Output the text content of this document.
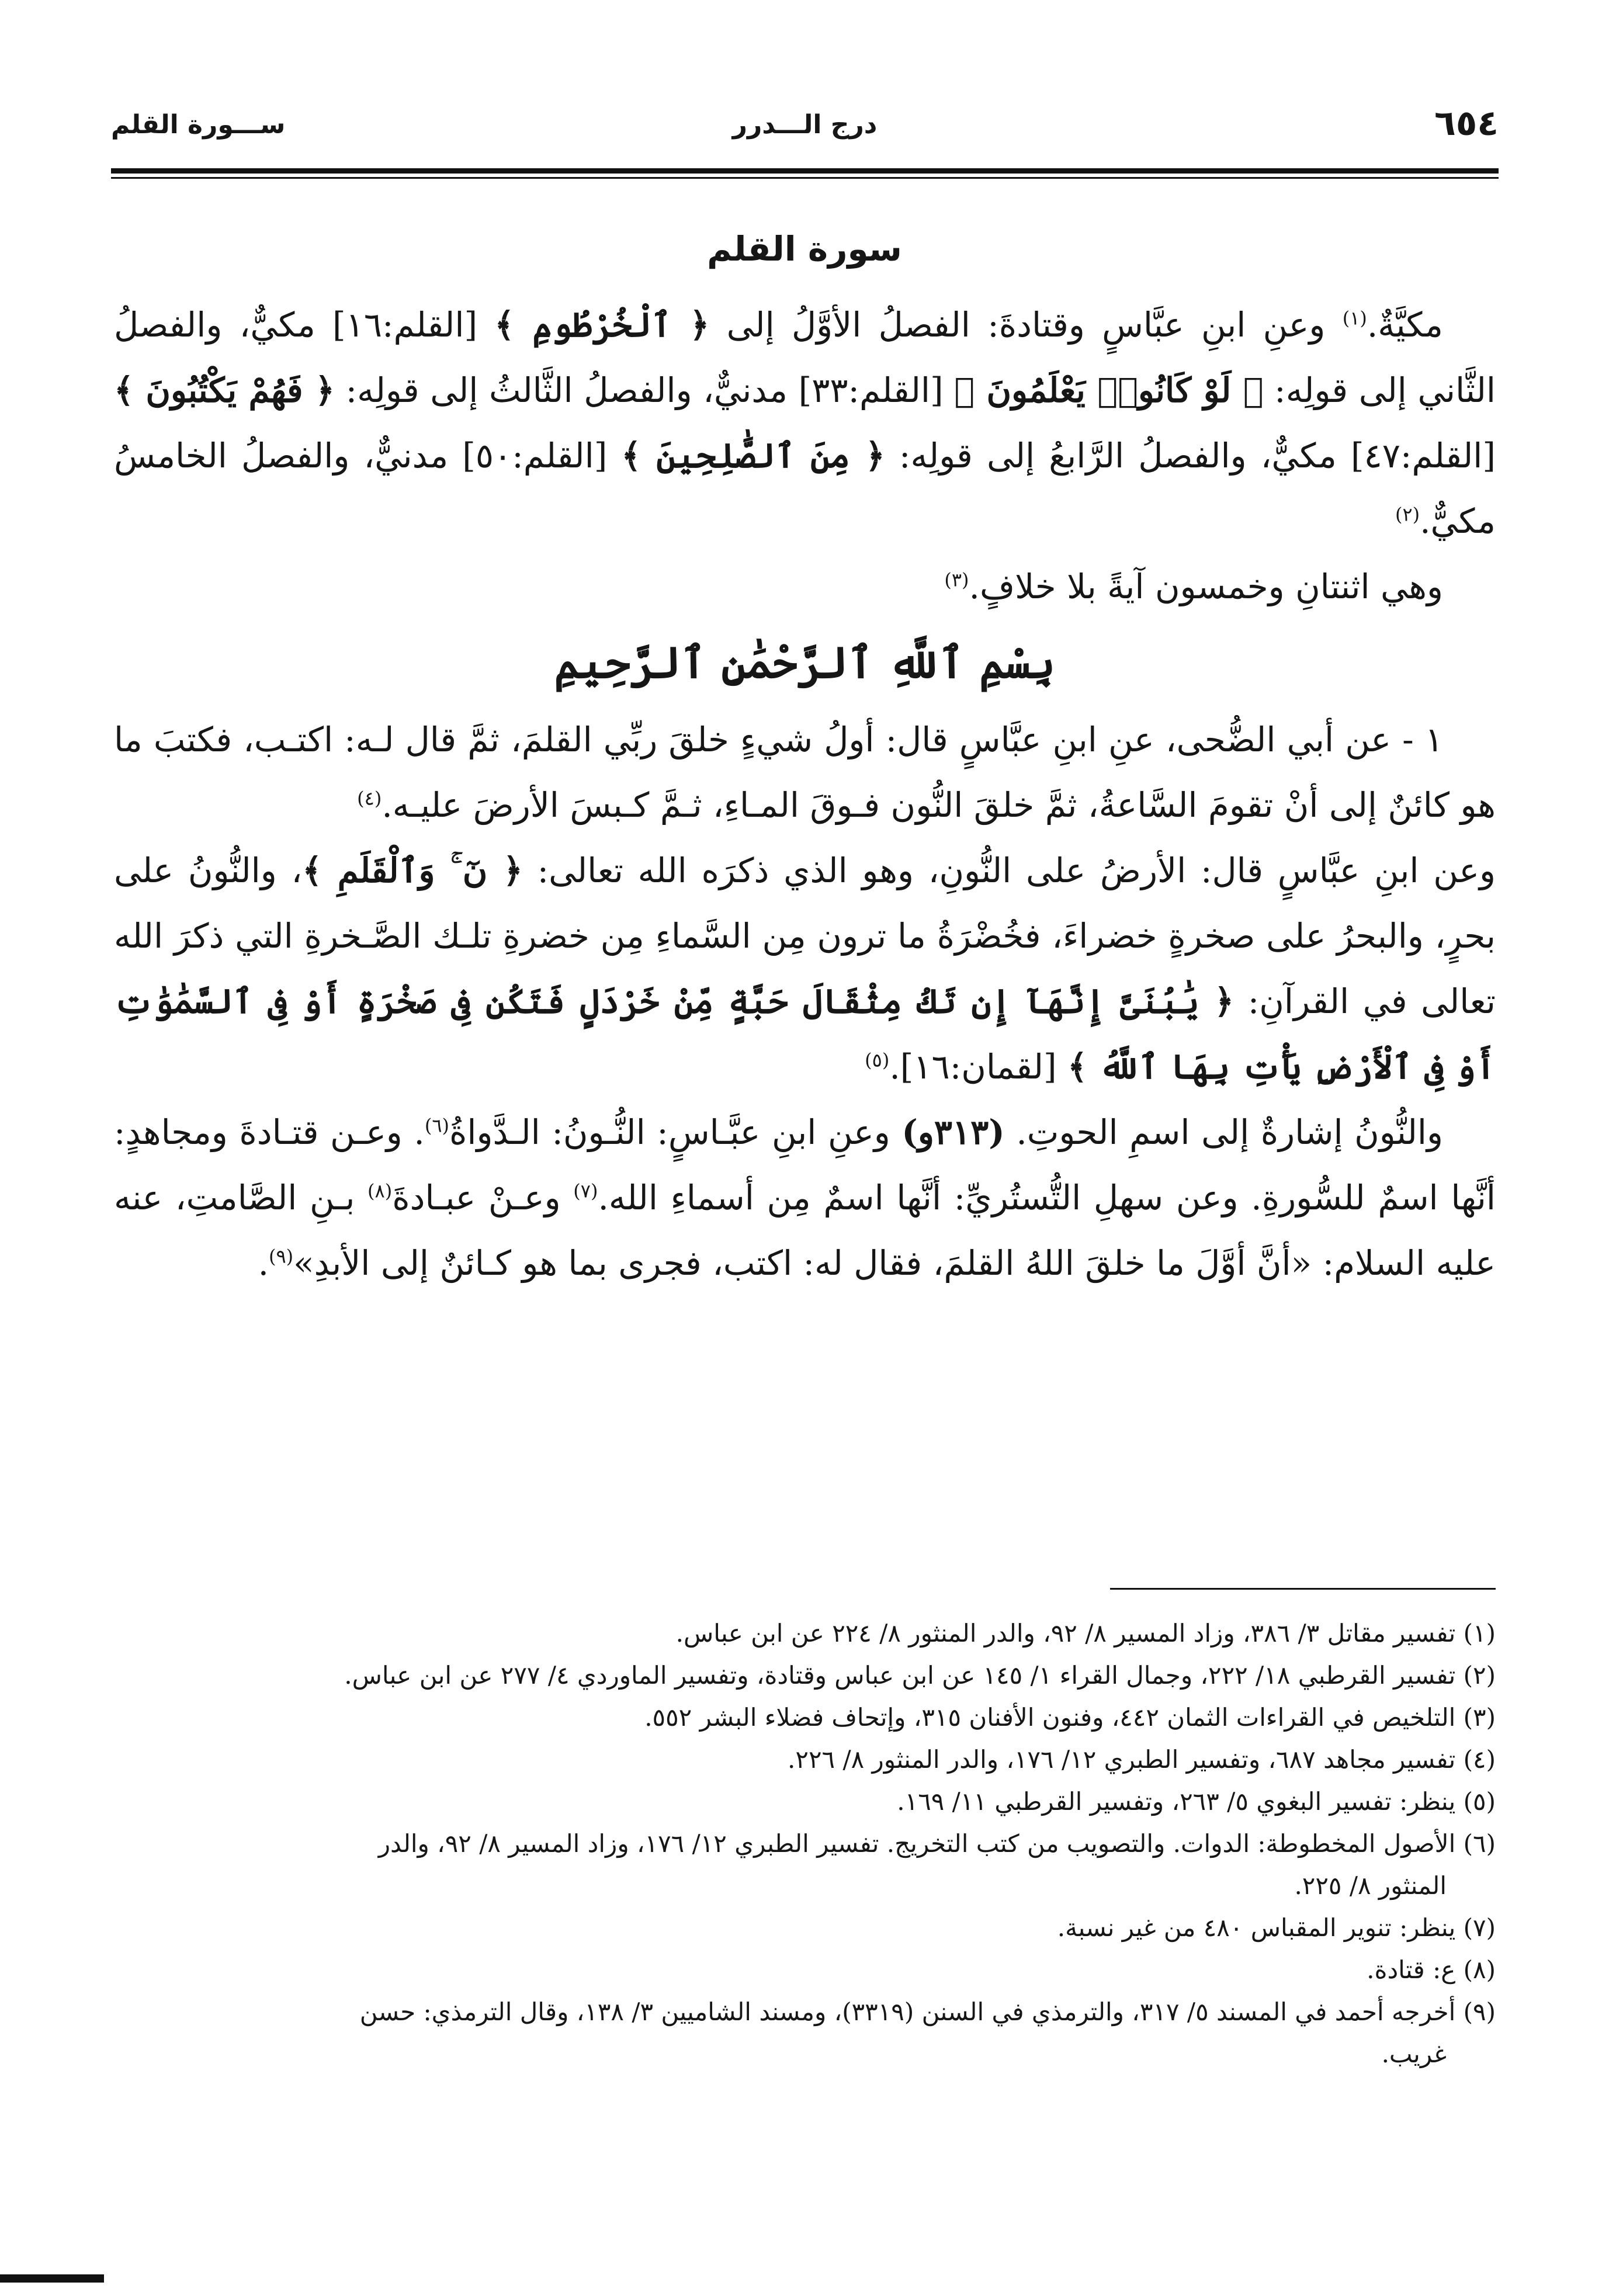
٦٥٤
درج الـــدرر
ســـورة القلم
سورة القلم

مكيَّةٌ.$^{(١)}$ وعنِ ابنِ عبَّاسٍ وقتادةَ: الفصلُ الأوَّلُ إلى ﴿ ٱلْخُرْطُومِ ﴾ [القلم:١٦] مكيٌّ، والفصلُ الثَّاني إلى قولِه: ﴿ لَوْ كَانُوا۟ يَعْلَمُونَ ﴾ [القلم:٣٣] مدنيٌّ، والفصلُ الثَّالثُ إلى قولِه: ﴿ فَهُمْ يَكْتُبُونَ ﴾ [القلم:٤٧] مكيٌّ، والفصلُ الرَّابعُ إلى قولِه: ﴿ مِنَ ٱلصَّٰلِحِينَ ﴾ [القلم:٥٠] مدنيٌّ، والفصلُ الخامسُ مكيٌّ.$^{(٢)}$

وهي اثنتانِ وخمسون آيةً بلا خلافٍ.$^{(٣)}$

بِسْمِ ٱللَّهِ ٱلرَّحْمَٰنِ ٱلرَّحِيمِ

١ - عن أبي الضُّحى، عنِ ابنِ عبَّاسٍ قال: أولُ شيءٍ خلقَ ربِّي القلمَ، ثمَّ قال لـه: اكتـب، فكتبَ ما هو كائنٌ إلى أنْ تقومَ السَّاعةُ، ثمَّ خلقَ النُّون فـوقَ المـاءِ، ثـمَّ كـبسَ الأرضَ عليـه.$^{(٤)}$

وعن ابنِ عبَّاسٍ قال: الأرضُ على النُّونِ، وهو الذي ذكرَه الله تعالى: ﴿ نٓ ۚ وَٱلْقَلَمِ ﴾، والنُّونُ على بحرٍ، والبحرُ على صخرةٍ خضراءَ، فخُضْرَةُ ما ترون مِن السَّماءِ مِن خضرةِ تلـك الصَّـخرةِ التي ذكرَ الله تعالى في القرآنِ: ﴿ يَٰبُنَىَّ إِنَّهَآ إِن تَكُ مِثْقَالَ حَبَّةٍ مِّنْ خَرْدَلٍ فَتَكُن فِى صَخْرَةٍ أَوْ فِى ٱلسَّمَٰوَٰتِ أَوْ فِى ٱلْأَرْضِ يَأْتِ بِهَا ٱللَّهُ ﴾ [لقمان:١٦].$^{(٥)}$

والنُّونُ إشارةٌ إلى اسمِ الحوتِ. (٣١٣و) وعنِ ابنِ عبَّـاسٍ: النُّـونُ: الـدَّواةُ$^{(٦)}$. وعـن قتـادةَ ومجاهدٍ: أنَّها اسمٌ للسُّورةِ. وعن سهلِ التُّستُريِّ: أنَّها اسمٌ مِن أسماءِ الله.$^{(٧)}$ وعـنْ عبـادةَ$^{(٨)}$ بـنِ الصَّامتِ، عنه عليه السلام: «أنَّ أوَّلَ ما خلقَ اللهُ القلمَ، فقال له: اكتب، فجرى بما هو كـائنٌ إلى الأبدِ»$^{(٩)}$.

(١) تفسير مقاتل ٣/ ٣٨٦، وزاد المسير ٨/ ٩٢، والدر المنثور ٨/ ٢٢٤ عن ابن عباس.

(٢) تفسير القرطبي ١٨/ ٢٢٢، وجمال القراء ١/ ١٤٥ عن ابن عباس وقتادة، وتفسير الماوردي ٤/ ٢٧٧ عن ابن عباس.

(٣) التلخيص في القراءات الثمان ٤٤٢، وفنون الأفنان ٣١٥، وإتحاف فضلاء البشر ٥٥٢.

(٤) تفسير مجاهد ٦٨٧، وتفسير الطبري ١٢/ ١٧٦، والدر المنثور ٨/ ٢٢٦.

(٥) ينظر: تفسير البغوي ٥/ ٢٦٣، وتفسير القرطبي ١١/ ١٦٩.

(٦) الأصول المخطوطة: الدوات. والتصويب من كتب التخريج. تفسير الطبري ١٢/ ١٧٦، وزاد المسير ٨/ ٩٢، والدر

المنثور ٨/ ٢٢٥.

(٧) ينظر: تنوير المقباس ٤٨٠ من غير نسبة.

(٨) ع: قتادة.

(٩) أخرجه أحمد في المسند ٥/ ٣١٧، والترمذي في السنن (٣٣١٩)، ومسند الشاميين ٣/ ١٣٨، وقال الترمذي: حسن

غريب.
